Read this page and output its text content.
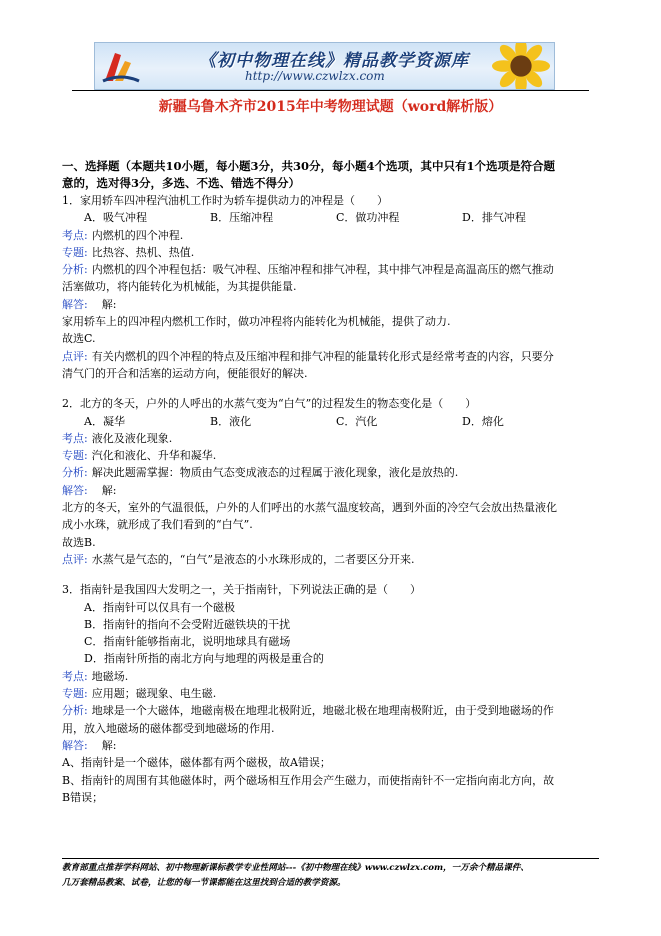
《初中物理在线》精品教学资源库
http://www.czwlzx.com
新疆乌鲁木齐市2015年中考物理试题（word解析版）

一、选择题（本题共10小题，每小题3分，共30分，每小题4个选项，其中只有1个选项是符合题

意的，选对得3分，多选、不选、错选不得分）

1．家用轿车四冲程汽油机工作时为轿车提供动力的冲程是（　　）

A．吸气冲程	B．压缩冲程	C．做功冲程	D．排气冲程

考点: 内燃机的四个冲程.

专题: 比热容、热机、热值.

分析: 内燃机的四个冲程包括：吸气冲程、压缩冲程和排气冲程，其中排气冲程是高温高压的燃气推动

活塞做功，将内能转化为机械能，为其提供能量.

解答: 解:

家用轿车上的四冲程内燃机工作时，做功冲程将内能转化为机械能，提供了动力.

故选C.

点评: 有关内燃机的四个冲程的特点及压缩冲程和排气冲程的能量转化形式是经常考查的内容，只要分

清气门的开合和活塞的运动方向，便能很好的解决.

2．北方的冬天，户外的人呼出的水蒸气变为“白气”的过程发生的物态变化是（　　）

A．凝华	B．液化	C．汽化	D．熔化

考点: 液化及液化现象.

专题: 汽化和液化、升华和凝华.

分析: 解决此题需掌握：物质由气态变成液态的过程属于液化现象，液化是放热的.

解答: 解:

北方的冬天，室外的气温很低，户外的人们呼出的水蒸气温度较高，遇到外面的冷空气会放出热量液化

成小水珠，就形成了我们看到的“白气”.

故选B.

点评: 水蒸气是气态的，“白气”是液态的小水珠形成的，二者要区分开来.

3．指南针是我国四大发明之一，关于指南针，下列说法正确的是（　　）

A．指南针可以仅具有一个磁极

B．指南针的指向不会受附近磁铁块的干扰

C．指南针能够指南北，说明地球具有磁场

D．指南针所指的南北方向与地理的两极是重合的

考点: 地磁场.

专题: 应用题；磁现象、电生磁.

分析: 地球是一个大磁体，地磁南极在地理北极附近，地磁北极在地理南极附近，由于受到地磁场的作

用，放入地磁场的磁体都受到地磁场的作用.

解答: 解:

A、指南针是一个磁体，磁体都有两个磁极，故A错误；

B、指南针的周围有其他磁体时，两个磁场相互作用会产生磁力，而使指南针不一定指向南北方向，故

B错误；

教育部重点推荐学科网站、初中物理新课标教学专业性网站---《初中物理在线》www.czwlzx.com，一万余个精品课件、
几万套精品教案、试卷，让您的每一节课都能在这里找到合适的教学资源。
